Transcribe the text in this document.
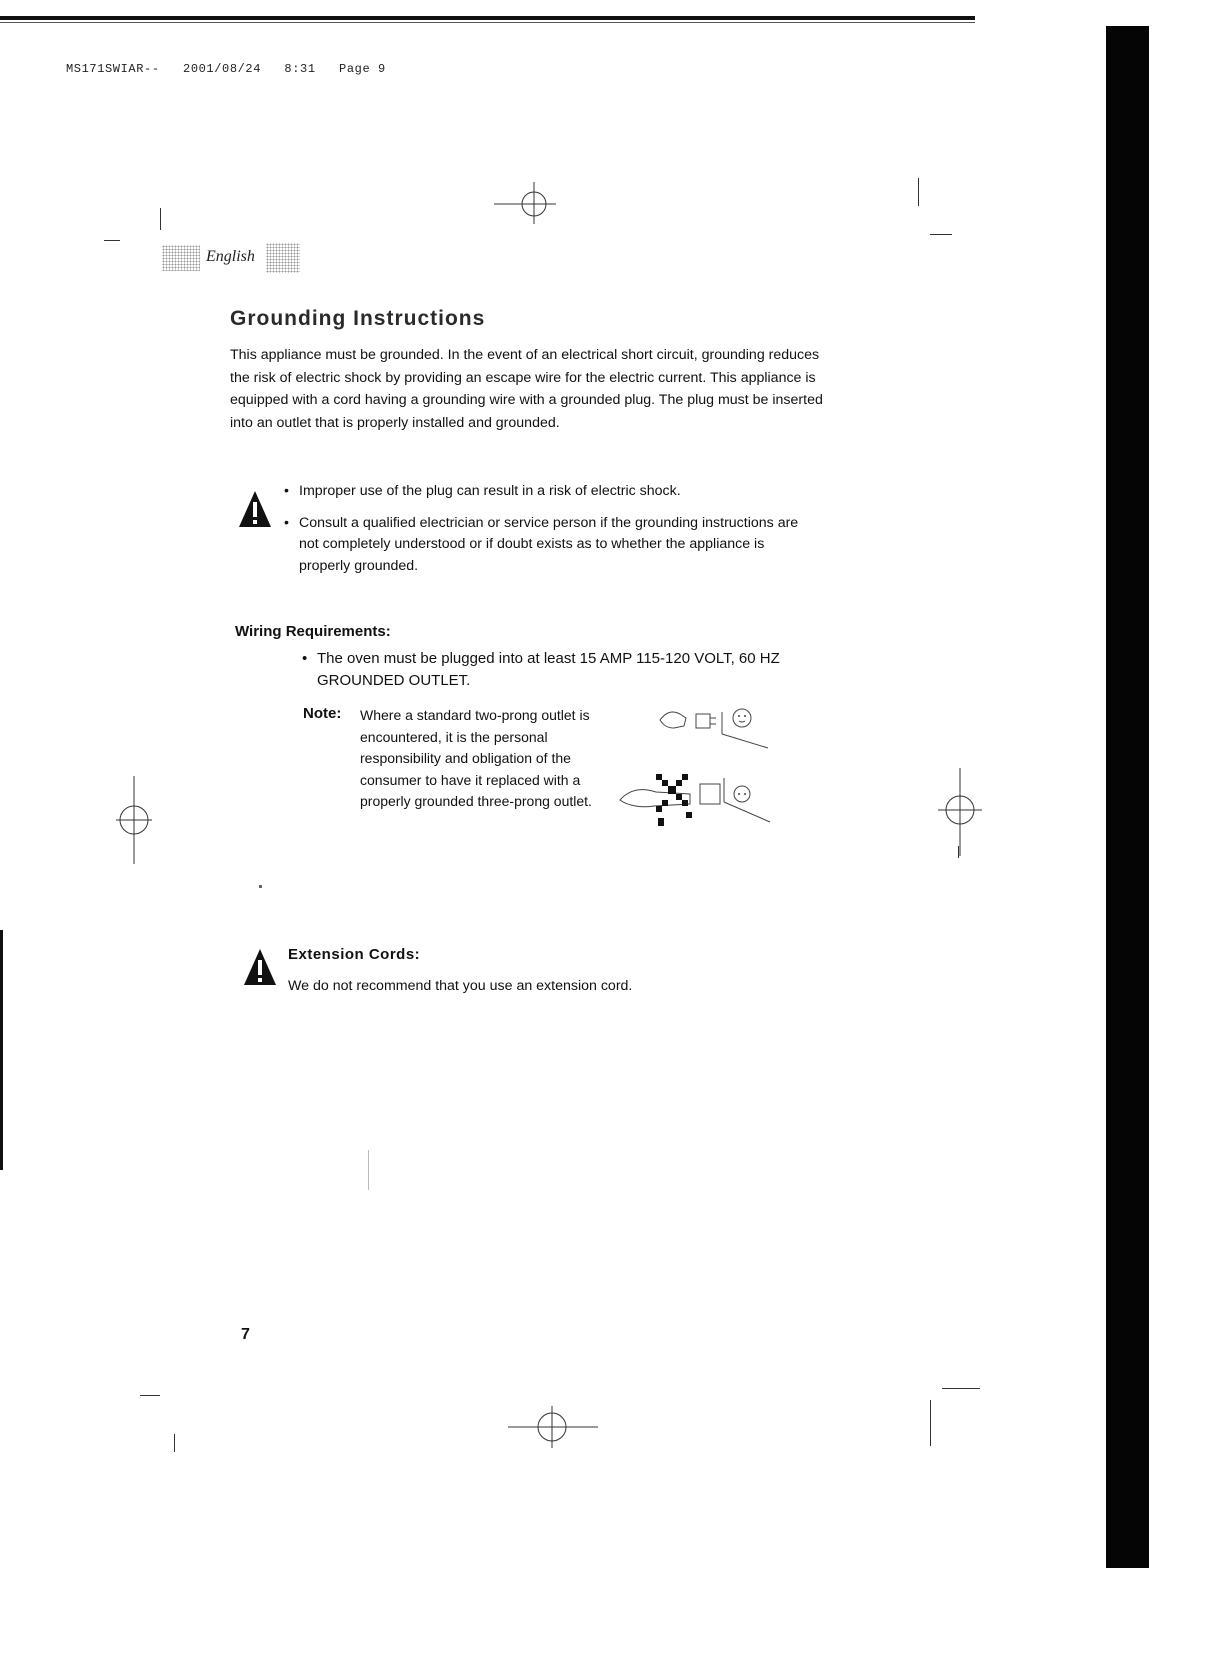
MS171SWIAR--   2001/08/24   8:31   Page 9
English
Grounding Instructions
This appliance must be grounded. In the event of an electrical short circuit, grounding reduces the risk of electric shock by providing an escape wire for the electric current. This appliance is equipped with a cord having a grounding wire with a grounded plug. The plug must be inserted into an outlet that is properly installed and grounded.
• Improper use of the plug can result in a risk of electric shock.
• Consult a qualified electrician or service person if the grounding instructions are not completely understood or if doubt exists as to whether the appliance is properly grounded.
Wiring Requirements:
• The oven must be plugged into at least 15 AMP 115-120 VOLT, 60 HZ GROUNDED OUTLET.
Note: Where a standard two-prong outlet is encountered, it is the personal responsibility and obligation of the consumer to have it replaced with a properly grounded three-prong outlet.
Extension Cords:
We do not recommend that you use an extension cord.
7
